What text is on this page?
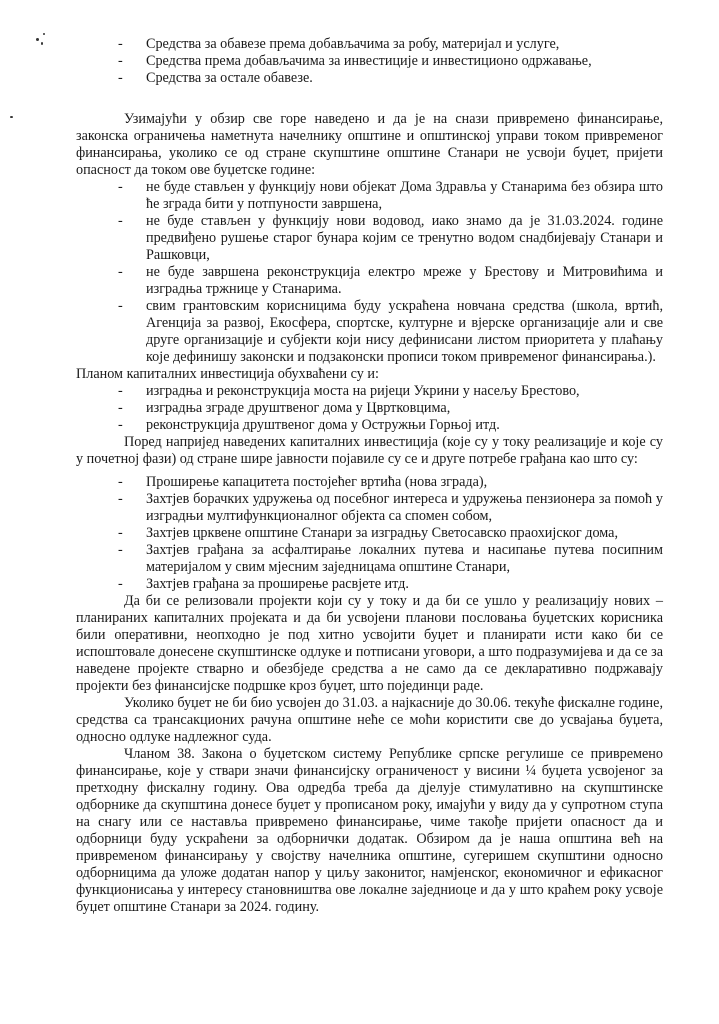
- Средства за обавезе према добављачима за робу, материјал и услуге,
- Средства према добављачима за инвестиције и инвестиционо одржавање,
- Средства за остале обавезе.

Узимајући у обзир све горе наведено и да је на снази привремено финансирање, законска ограничења наметнута начелнику општине и општинској управи током привременог финансирања, уколико се од стране скупштине општине Станари не усвоји буџет, пријети опасност да током ове буџетске године:

- не буде стављен у функцију нови објекат Дома Здравља у Станарима без обзира што ће зграда бити у потпуности завршена,
- не буде стављен у функцију нови водовод, иако знамо да је 31.03.2024. године предвиђено рушење старог бунара којим се тренутно водом снадбијевају Станари и Рашковци,
- не буде завршена реконструкција електро мреже у Брестову и Митровићима и изградња тржнице у Станарима.
- свим грантовским корисницима буду ускраћена новчана средства (школа, вртић, Агенција за развој, Екосфера, спортске, културне и вјерске организације али и све друге организације и субјекти који нису дефинисани листом приоритета у плаћању које дефинишу законски и подзаконски прописи током привременог финансирања.).

Планом капиталних инвестиција обухваћени су и:

- изградња и реконструкција моста на ријеци Укрини у насељу Брестово,
- изградња зграде друштвеног дома у Цвртковцима,
- реконструкција друштвеног дома у Остружњи Горњој итд.

Поред напријед наведених капиталних инвестиција (које су у току реализације и које су у почетној фази) од стране шире јавности појавиле су се и друге потребе грађана као што су:

- Проширење капацитета постојећег вртића (нова зграда),
- Захтјев борачких удружења од посебног интереса и удружења пензионера за помоћ у изградњи мултифункционалног објекта са спомен собом,
- Захтјев црквене општине Станари за изградњу Светосавско праохијског дома,
- Захтјев грађана за асфалтирање локалних путева и насипање путева посипним материјалом у свим мјесним заједницама општине Станари,
- Захтјев грађана за проширење расвјете итд.

Да би се релизовали пројекти који су у току и да би се ушло у реализацију нових – планираних капиталних пројеката и да би усвојени планови пословања буџетских корисника били оперативни, неопходно је под хитно усвојити буџет и планирати исти како би се испоштовале донесене скупштинске одлуке и потписани уговори, а што подразумијева и да се за наведене пројекте стварно и обезбједе средства а не само да се декларативно подржавају пројекти без финансијске подршке кроз буџет, што појединци раде.

Уколико буџет не би био усвојен до 31.03. а најкасније до 30.06. текуће фискалне године, средства са трансакционих рачуна општине неће се моћи користити све до усвајања буџета, односно одлуке надлежног суда.

Чланом 38. Закона о буџетском систему Републике српске регулише се привремено финансирање, које у ствари значи финансијску ограниченост у висини ¼ буџета усвојеног за претходну фискалну годину. Ова одредба треба да дјелује стимулативно на скупштинске одборнике да скупштина донесе буџет у прописаном року, имајући у виду да у супротном ступа на снагу или се наставља привремено финансирање, чиме такође пријети опасност да и одборници буду ускраћени за одборнички додатак. Обзиром да је наша општина већ на привременом финансирању у својству начелника општине, сугеришем скупштини односно одборницима да уложе додатан напор у циљу законитог, намјенског, економичног и ефикасног функционисања у интересу становништва ове локалне заједниоце и да у што краћем року усвоје буџет општине Станари за 2024. годину.
